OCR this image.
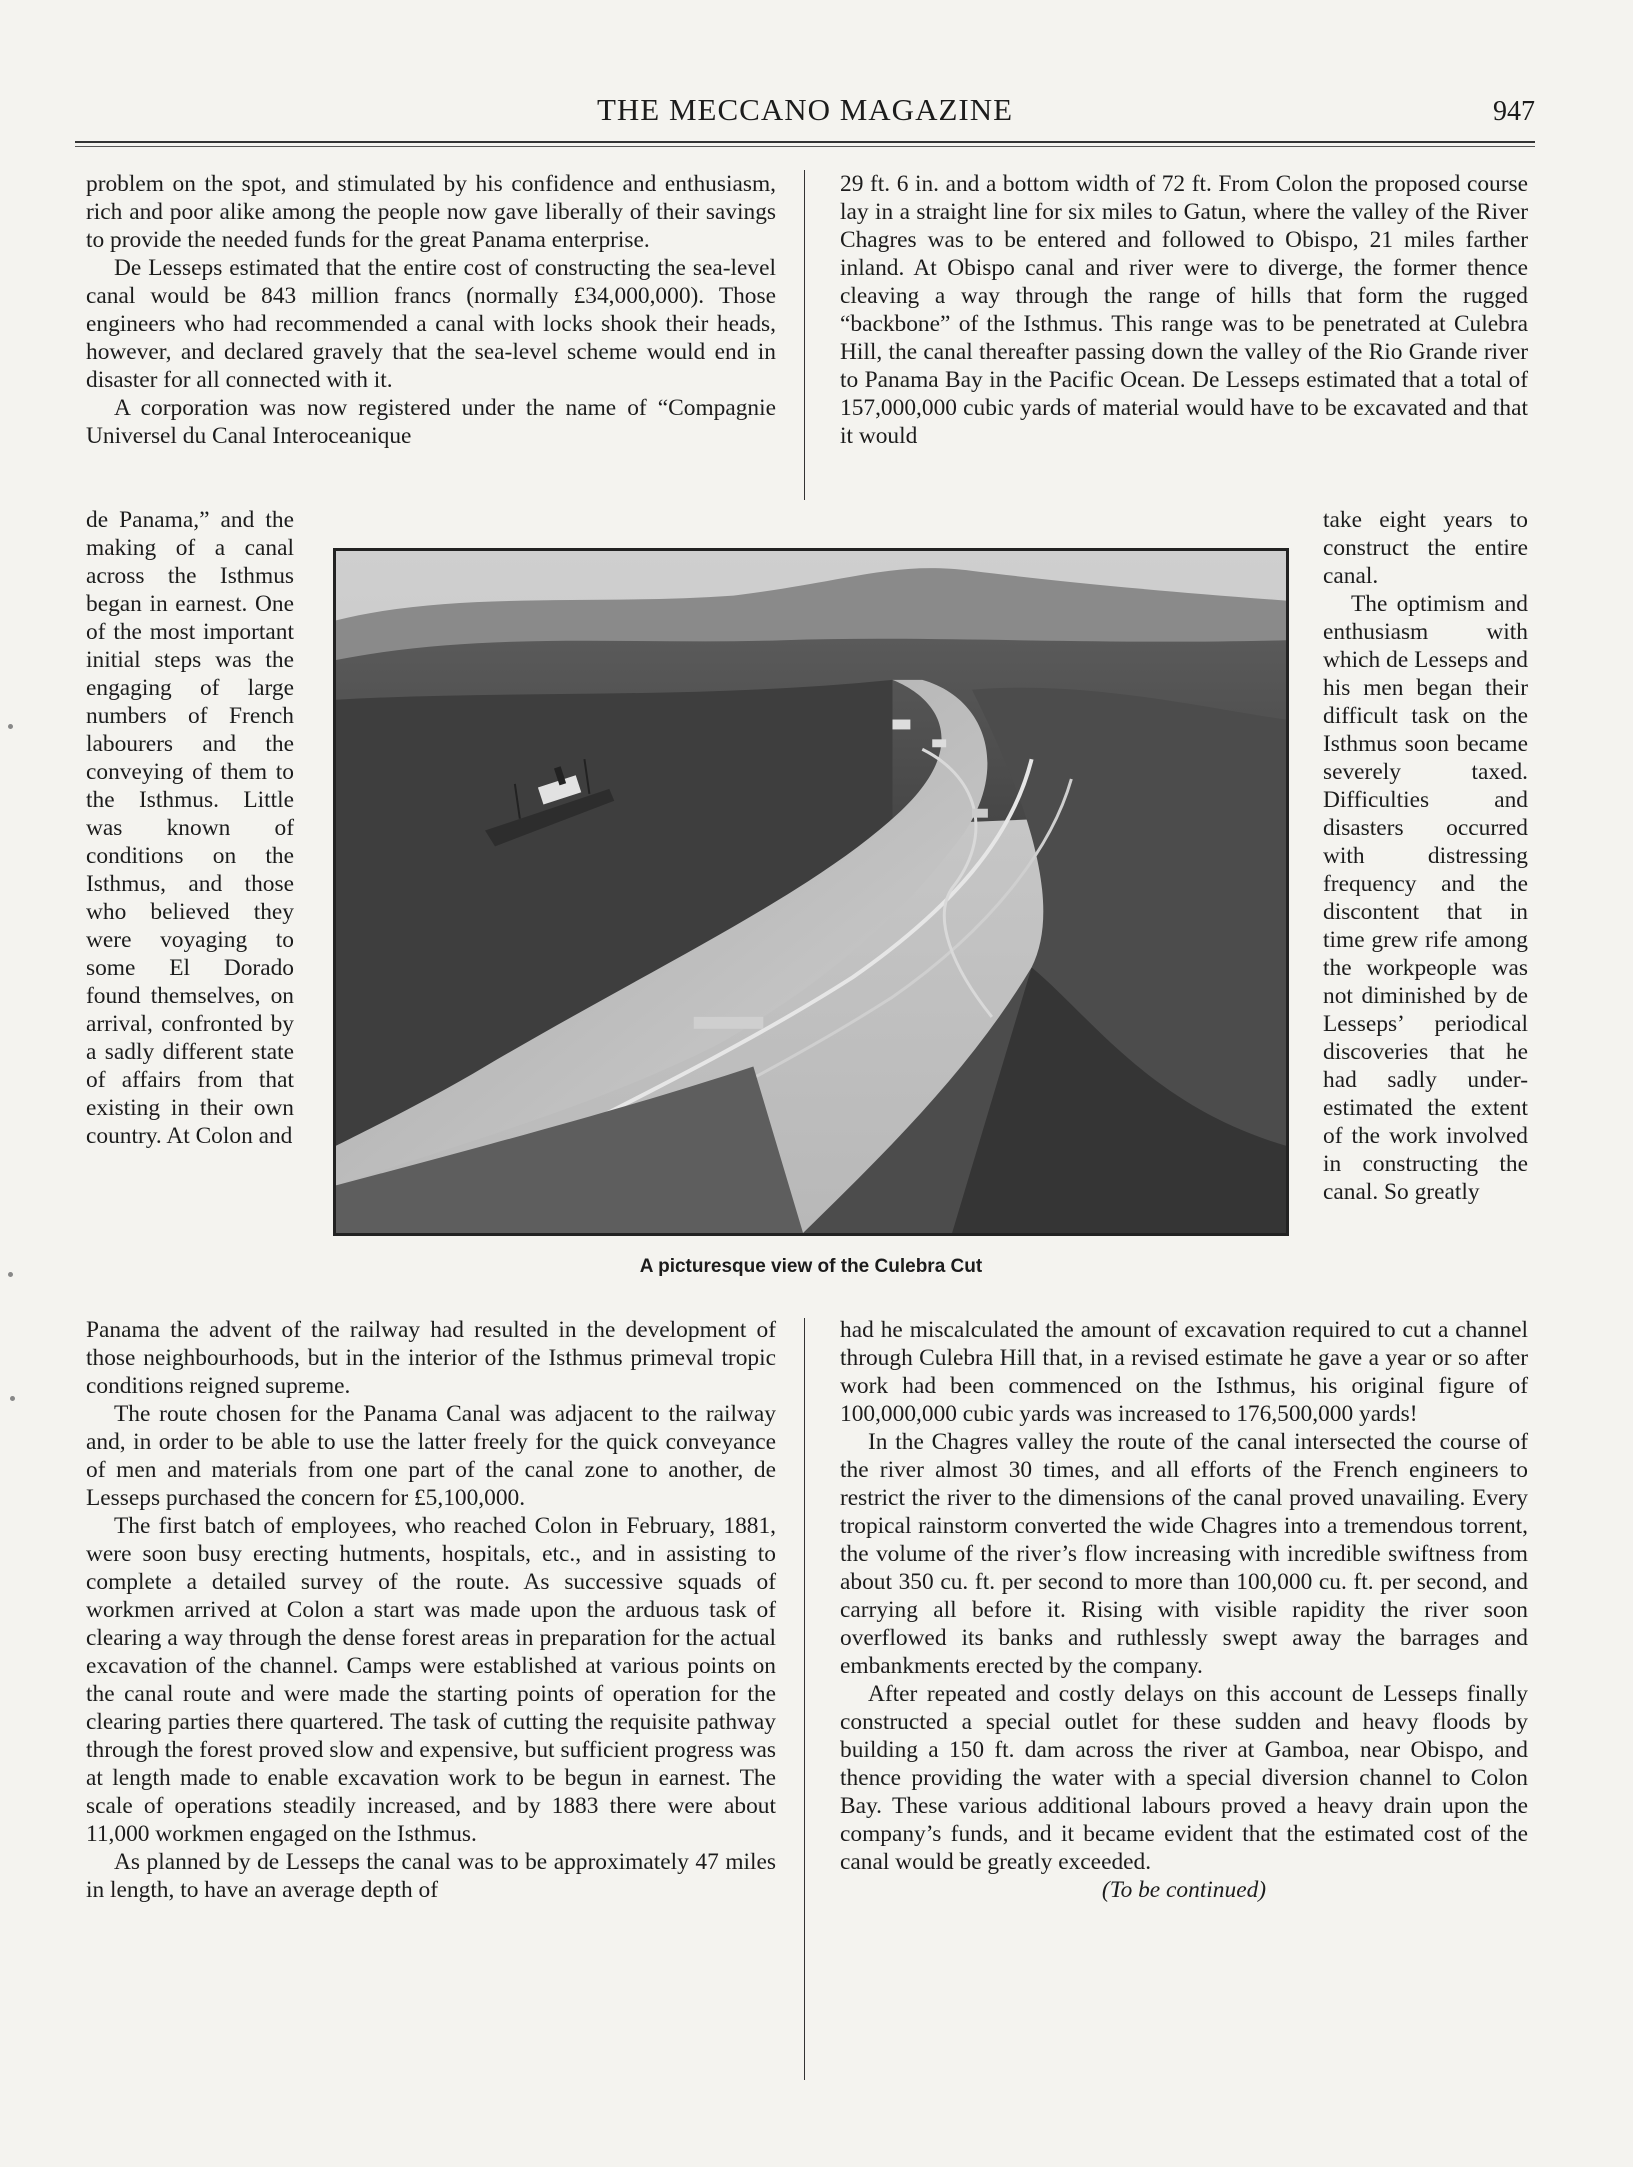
THE MECCANO MAGAZINE	947

problem on the spot, and stimulated by his confidence and enthusiasm, rich and poor alike among the people now gave liberally of their savings to provide the needed funds for the great Panama enterprise.

De Lesseps estimated that the entire cost of constructing the sea-level canal would be 843 million francs (normally £34,000,000). Those engineers who had recommended a canal with locks shook their heads, however, and declared gravely that the sea-level scheme would end in disaster for all connected with it.

A corporation was now registered under the name of “Compagnie Universel du Canal Interoceanique

de Panama,” and the making of a canal across the Isthmus began in earnest. One of the most important initial steps was the engaging of large numbers of French labourers and the conveying of them to the Isthmus. Little was known of conditions on the Isthmus, and those who believed they were voyaging to some El Dorado found themselves, on arrival, confronted by a sadly different state of affairs from that existing in their own country. At Colon and

Panama the advent of the railway had resulted in the development of those neighbourhoods, but in the interior of the Isthmus primeval tropic conditions reigned supreme.

The route chosen for the Panama Canal was adjacent to the railway and, in order to be able to use the latter freely for the quick conveyance of men and materials from one part of the canal zone to another, de Lesseps purchased the concern for £5,100,000.

The first batch of employees, who reached Colon in February, 1881, were soon busy erecting hutments, hospitals, etc., and in assisting to complete a detailed survey of the route. As successive squads of workmen arrived at Colon a start was made upon the arduous task of clearing a way through the dense forest areas in preparation for the actual excavation of the channel. Camps were established at various points on the canal route and were made the starting points of operation for the clearing parties there quartered. The task of cutting the requisite pathway through the forest proved slow and expensive, but sufficient progress was at length made to enable excavation work to be begun in earnest. The scale of operations steadily increased, and by 1883 there were about 11,000 workmen engaged on the Isthmus.

As planned by de Lesseps the canal was to be approximately 47 miles in length, to have an average depth of

29 ft. 6 in. and a bottom width of 72 ft. From Colon the proposed course lay in a straight line for six miles to Gatun, where the valley of the River Chagres was to be entered and followed to Obispo, 21 miles farther inland. At Obispo canal and river were to diverge, the former thence cleaving a way through the range of hills that form the rugged “backbone” of the Isthmus. This range was to be penetrated at Culebra Hill, the canal thereafter passing down the valley of the Rio Grande river to Panama Bay in the Pacific Ocean. De Lesseps estimated that a total of 157,000,000 cubic yards of material would have to be excavated and that it would

take eight years to construct the entire canal.

The optimism and enthusiasm with which de Lesseps and his men began their difficult task on the Isthmus soon became severely taxed. Difficulties and disasters occurred with distressing frequency and the discontent that in time grew rife among the workpeople was not diminished by de Lesseps’ periodical discoveries that he had sadly under-estimated the extent of the work involved in constructing the canal. So greatly

had he miscalculated the amount of excavation required to cut a channel through Culebra Hill that, in a revised estimate he gave a year or so after work had been commenced on the Isthmus, his original figure of 100,000,000 cubic yards was increased to 176,500,000 yards!

In the Chagres valley the route of the canal intersected the course of the river almost 30 times, and all efforts of the French engineers to restrict the river to the dimensions of the canal proved unavailing. Every tropical rainstorm converted the wide Chagres into a tremendous torrent, the volume of the river’s flow increasing with incredible swiftness from about 350 cu. ft. per second to more than 100,000 cu. ft. per second, and carrying all before it. Rising with visible rapidity the river soon overflowed its banks and ruthlessly swept away the barrages and embankments erected by the company.

After repeated and costly delays on this account de Lesseps finally constructed a special outlet for these sudden and heavy floods by building a 150 ft. dam across the river at Gamboa, near Obispo, and thence providing the water with a special diversion channel to Colon Bay. These various additional labours proved a heavy drain upon the company’s funds, and it became evident that the estimated cost of the canal would be greatly exceeded.

(To be continued)

A picturesque view of the Culebra Cut
